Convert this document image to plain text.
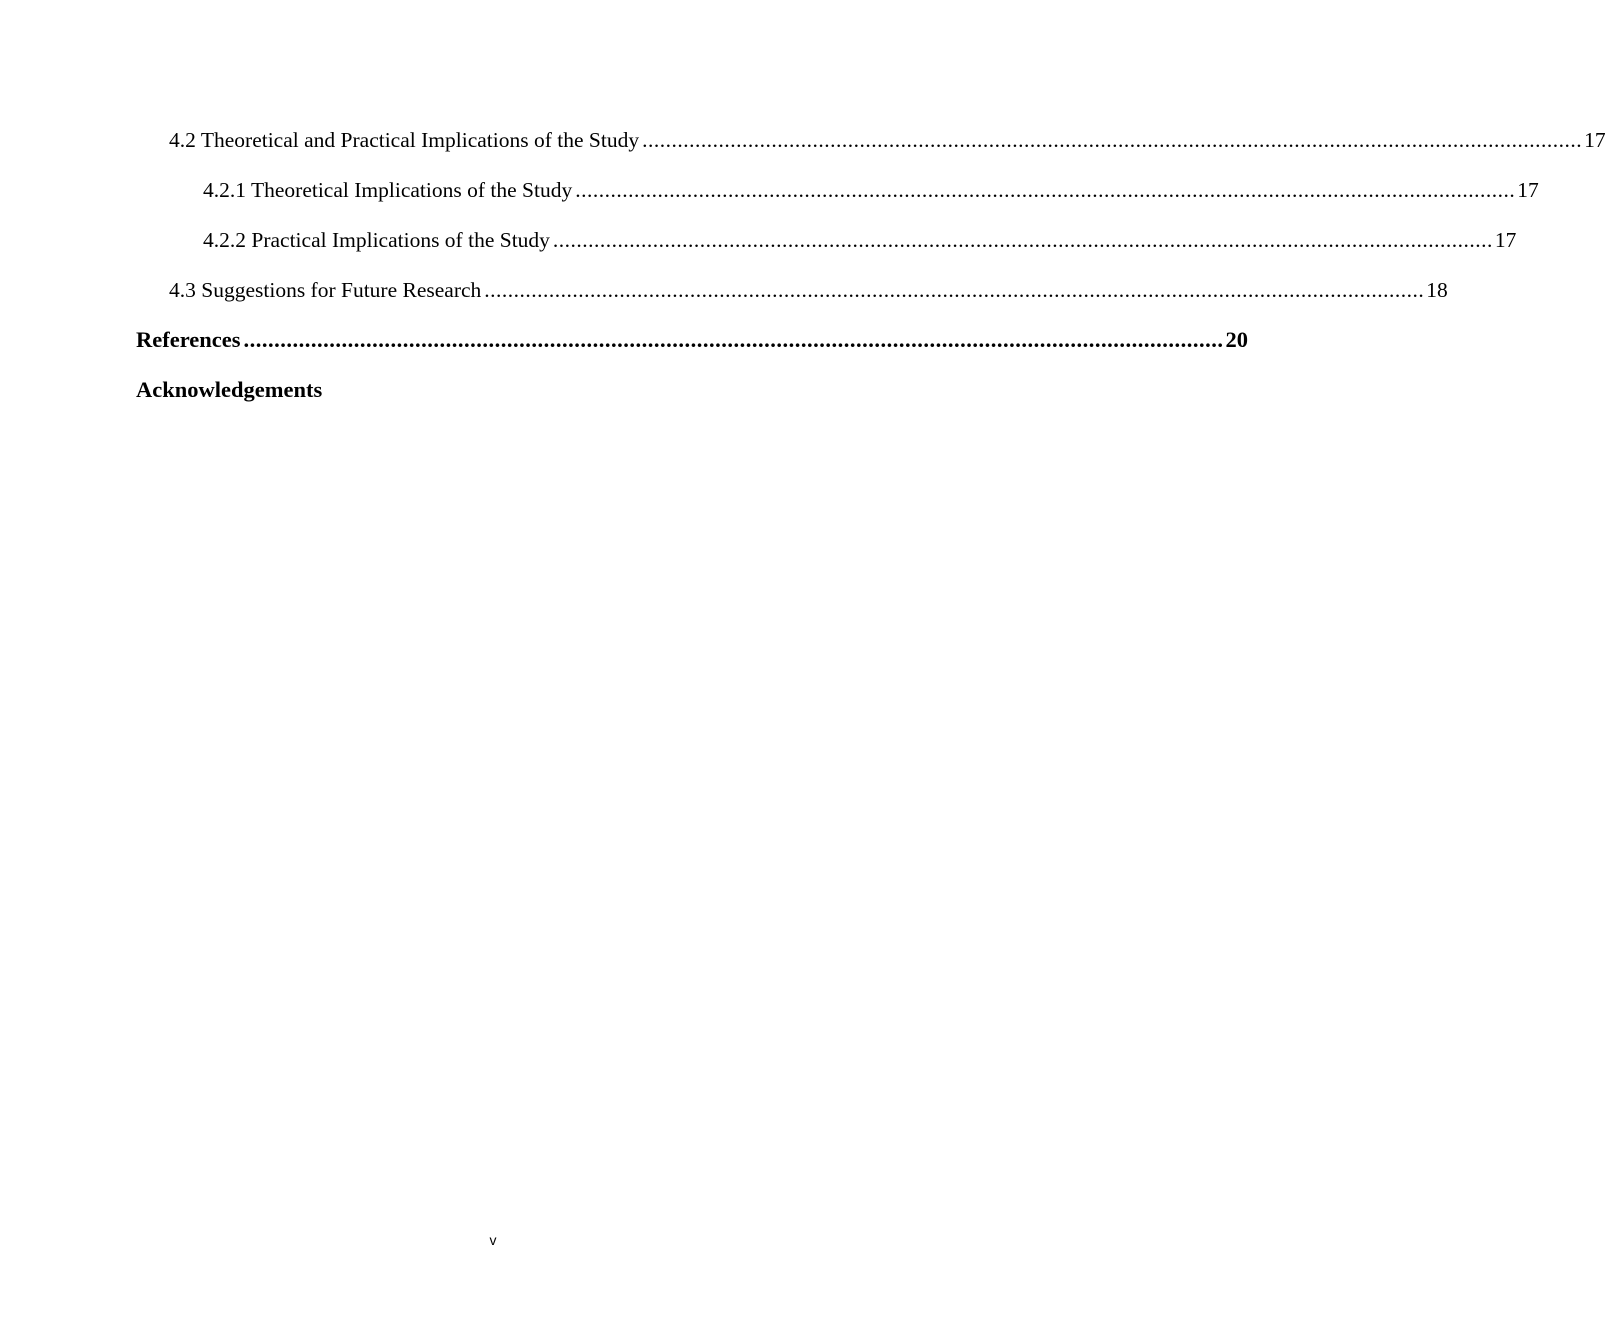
4.2 Theoretical and Practical Implications of the Study ................................................................................................................................................................ 17
4.2.1 Theoretical Implications of the Study ................................................................................................................................................................ 17
4.2.2 Practical Implications of the Study ................................................................................................................................................................ 17
4.3 Suggestions for Future Research ................................................................................................................................................................ 18
References ................................................................................................................................................................ 20
Acknowledgements
v
